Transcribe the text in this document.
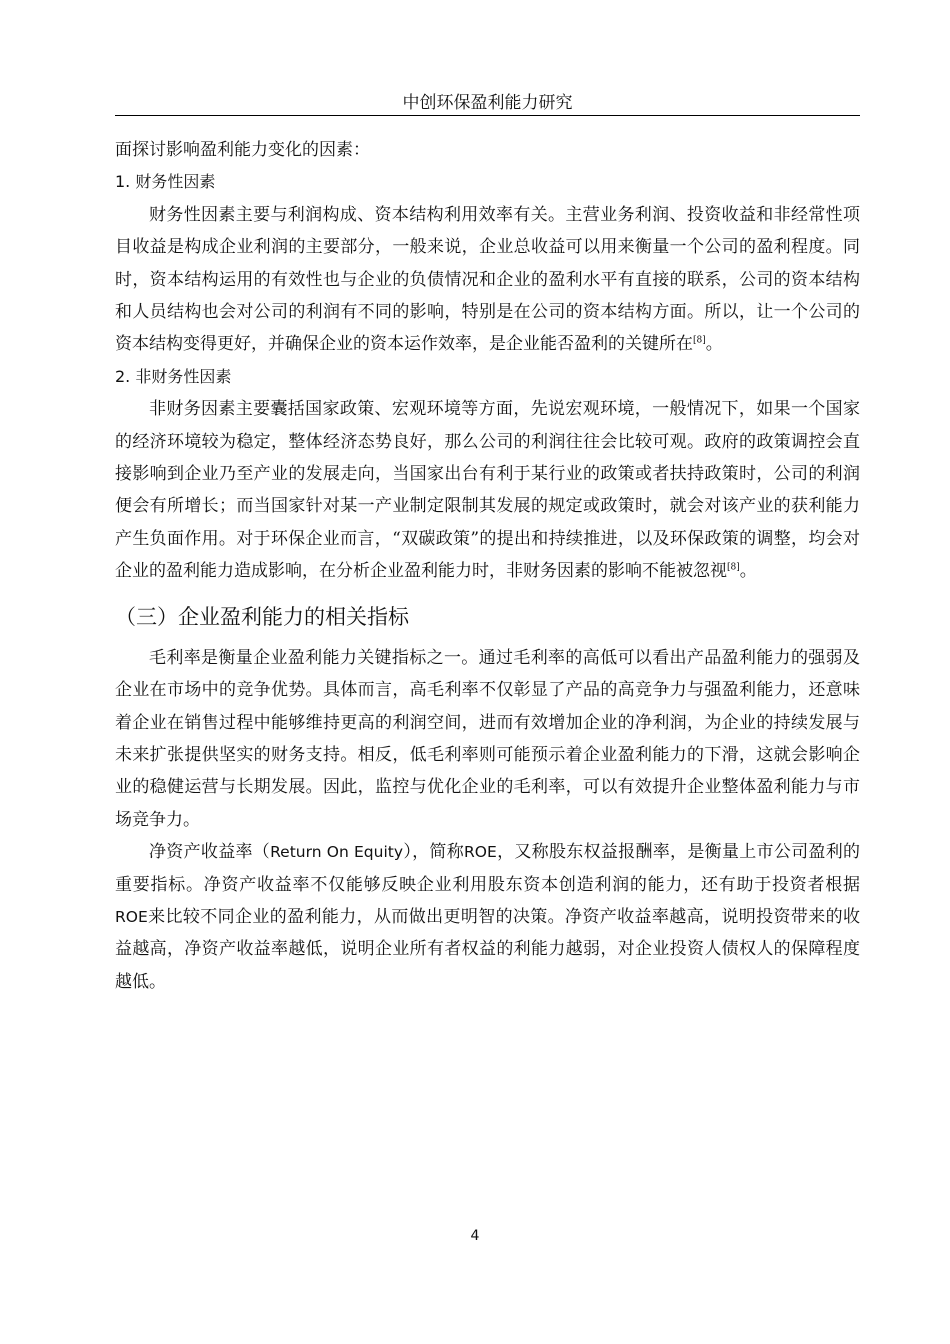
中创环保盈利能力研究

面探讨影响盈利能力变化的因素：

1. 财务性因素

财务性因素主要与利润构成、资本结构利用效率有关。主营业务利润、投资收益和非经常性项目收益是构成企业利润的主要部分，一般来说，企业总收益可以用来衡量一个公司的盈利程度。同时，资本结构运用的有效性也与企业的负债情况和企业的盈利水平有直接的联系，公司的资本结构和人员结构也会对公司的利润有不同的影响，特别是在公司的资本结构方面。所以，让一个公司的资本结构变得更好，并确保企业的资本运作效率，是企业能否盈利的关键所在[8]。

2. 非财务性因素

非财务因素主要囊括国家政策、宏观环境等方面，先说宏观环境，一般情况下，如果一个国家的经济环境较为稳定，整体经济态势良好，那么公司的利润往往会比较可观。政府的政策调控会直接影响到企业乃至产业的发展走向，当国家出台有利于某行业的政策或者扶持政策时，公司的利润便会有所增长；而当国家针对某一产业制定限制其发展的规定或政策时，就会对该产业的获利能力产生负面作用。对于环保企业而言，“双碳政策”的提出和持续推进，以及环保政策的调整，均会对企业的盈利能力造成影响，在分析企业盈利能力时，非财务因素的影响不能被忽视[8]。

（三）企业盈利能力的相关指标

毛利率是衡量企业盈利能力关键指标之一。通过毛利率的高低可以看出产品盈利能力的强弱及企业在市场中的竞争优势。具体而言，高毛利率不仅彰显了产品的高竞争力与强盈利能力，还意味着企业在销售过程中能够维持更高的利润空间，进而有效增加企业的净利润，为企业的持续发展与未来扩张提供坚实的财务支持。相反，低毛利率则可能预示着企业盈利能力的下滑，这就会影响企业的稳健运营与长期发展。因此，监控与优化企业的毛利率，可以有效提升企业整体盈利能力与市场竞争力。

净资产收益率（Return On Equity），简称ROE，又称股东权益报酬率，是衡量上市公司盈利的重要指标。净资产收益率不仅能够反映企业利用股东资本创造利润的能力，还有助于投资者根据ROE来比较不同企业的盈利能力，从而做出更明智的决策。净资产收益率越高，说明投资带来的收益越高，净资产收益率越低，说明企业所有者权益的利能力越弱，对企业投资人债权人的保障程度越低。

4
